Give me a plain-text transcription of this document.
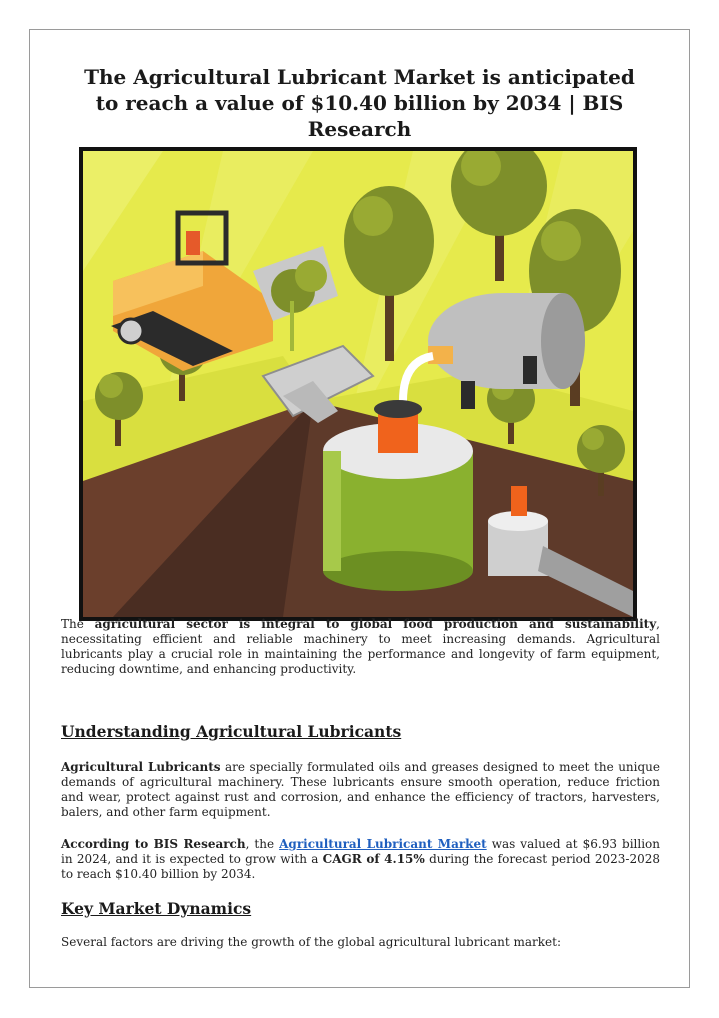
The Agricultural Lubricant Market is anticipated to reach a value of $10.40 billion by 2034 | BIS Research

The agricultural sector is integral to global food production and sustainability, necessitating efficient and reliable machinery to meet increasing demands. Agricultural lubricants play a crucial role in maintaining the performance and longevity of farm equipment, reducing downtime, and enhancing productivity.

Understanding Agricultural Lubricants

Agricultural Lubricants are specially formulated oils and greases designed to meet the unique demands of agricultural machinery. These lubricants ensure smooth operation, reduce friction and wear, protect against rust and corrosion, and enhance the efficiency of tractors, harvesters, balers, and other farm equipment.

According to BIS Research, the Agricultural Lubricant Market was valued at $6.93 billion in 2024, and it is expected to grow with a CAGR of 4.15% during the forecast period 2023-2028 to reach $10.40 billion by 2034.

Key Market Dynamics

Several factors are driving the growth of the global agricultural lubricant market:
